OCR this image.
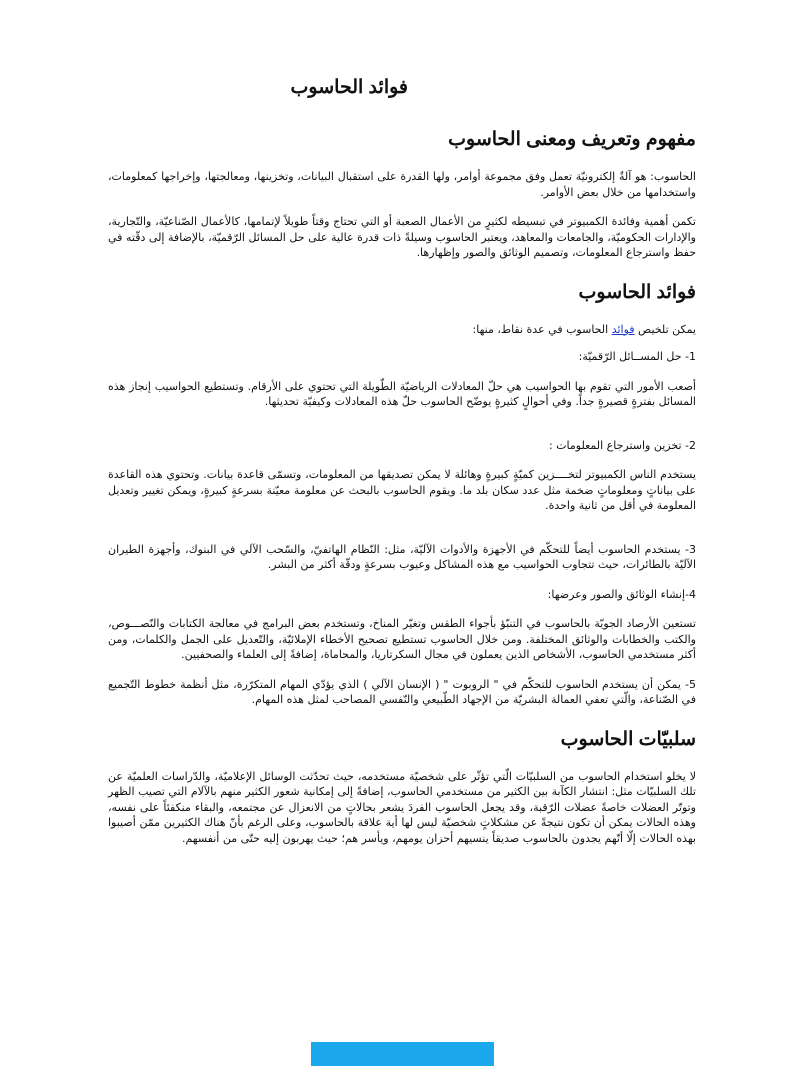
فوائد الحاسوب
مفهوم وتعريف ومعنى الحاسوب

الحاسوب: هو آلةٌ إلكترونيّة تعمل وفق مجموعة أوامر، ولها القدرة على استقبال البيانات، وتخزينها، ومعالجتها، وإخراجها كمعلومات، واستخدامها من خلال بعض الأوامر.

تكمن أهمية وفائدة الكمبيوتر في تبسيطه لكثيرٍ من الأعمال الصعبة أو التي تحتاج وقتاً طويلاً لإتمامها، كالأعمال الصّناعيّة، والتّجارية، والإدارات الحكوميّة، والجامعات والمعاهد، ويعتبر الحاسوب وسيلةً ذات قدرة عالية على حل المسائل الرّقميّة، بالإضافة إلى دقّته في حفظ واسترجاع المعلومات، وتصميم الوثائق والصور وإظهارها.

فوائد الحاسوب

يمكن تلخيص فوائد الحاسوب في عدة نقاط، منها:

1- حل المســائل الرّقميّة:

أصعب الأمور التي تقوم بها الحواسيب هي حلّ المعادلات الرياضيّة الطّويلة التي تحتوي على الأرقام. وتستطيع الحواسيب إنجاز هذه المسائل بفترةٍ قصيرةٍ جداً. وفي أحوالٍ كثيرةٍ يوضّح الحاسوب حلّ هذه المعادلات وكيفيّة تحديثها.

2- تخزين واسترجاع المعلومات :

يستخدم الناس الكمبيوتر لتخــــزين كميّةٍ كبيرةٍ وهائلة لا يمكن تصديقها من المعلومات، وتسمّى قاعدة بيانات. وتحتوي هذه القاعدة على بياناتٍ ومعلوماتٍ ضخمة مثل عدد سكان بلد ما. ويقوم الحاسوب بالبحث عن معلومة معيّنة بسرعةٍ كبيرةٍ، ويمكن تغيير وتعديل المعلومة في أقل من ثانية واحدة.

3- يستخدم الحاسوب أيضاً للتحكّم في الأجهزة والأدوات الآليّة، مثل: النّظام الهاتفيّ، والسّحب الآلي في البنوك، وأجهزة الطيران الآليّة بالطائرات، حيث تتجاوب الحواسيب مع هذه المشاكل وعيوب بسرعةٍ ودقّة أكثر من البشر.

4-إنشاء الوثائق والصور وعرضها:

تستعين الأرصاد الجويّة بالحاسوب في التنبّؤ بأجواء الطقس وتغيّر المناخ، وتستخدم بعض البرامج في معالجة الكتابات والنّصـــوص، والكتب والخطابات والوثائق المختلفة. ومن خلال الحاسوب تستطيع تصحيح الأخطاء الإملائيّة، والتّعديل على الجمل والكلمات، ومن أكثر مستخدمي الحاسوب، الأشخاص الذين يعملون في مجال السكرتاريا، والمحاماة، إضافةً إلى العلماء والصحفيين.

5- يمكن أن يستخدم الحاسوب للتحكّم في " الروبوت " ( الإنسان الآلي ) الذي يؤدّي المهام المتكرّرة، مثل أنظمة خطوط التّجميع في الصّناعة، والّتي تعفي العمالة البشريّة من الإجهاد الطّبيعي والنّفسي المصاحب لمثل هذه المهام.

سلبيّات الحاسوب

لا يخلو استخدام الحاسوب من السلبيّات الّتي تؤثّر على شخصيّة مستخدمه، حيث تحدّثت الوسائل الإعلاميّة، والدّراسات العلميّة عن تلك السلبيّات مثل: انتشار الكآبة بين الكثير من مستخدمي الحاسوب، إضافةً إلى إمكانية شعور الكثير منهم بالآلام التي تصيب الظهر وتوتّر العضلات خاصةً عضلات الرّقبة، وقد يجعل الحاسوب الفردَ يشعر بحالاتٍ من الانعزال عن مجتمعه، والبقاء منكفئاً على نفسه، وهذه الحالات يمكن أن تكون نتيجةً عن مشكلاتٍ شخصيّة ليس لها أية علاقة بالحاسوب، وعلى الرغم بأنّ هناك الكثيرين ممّن أصيبوا بهذه الحالات إلّا أنّهم يجدون بالحاسوب صديقاً ينسيهم أحزان يومهم، ويأسر هم؛ حيث يهربون إليه حتّى من أنفسهم.
